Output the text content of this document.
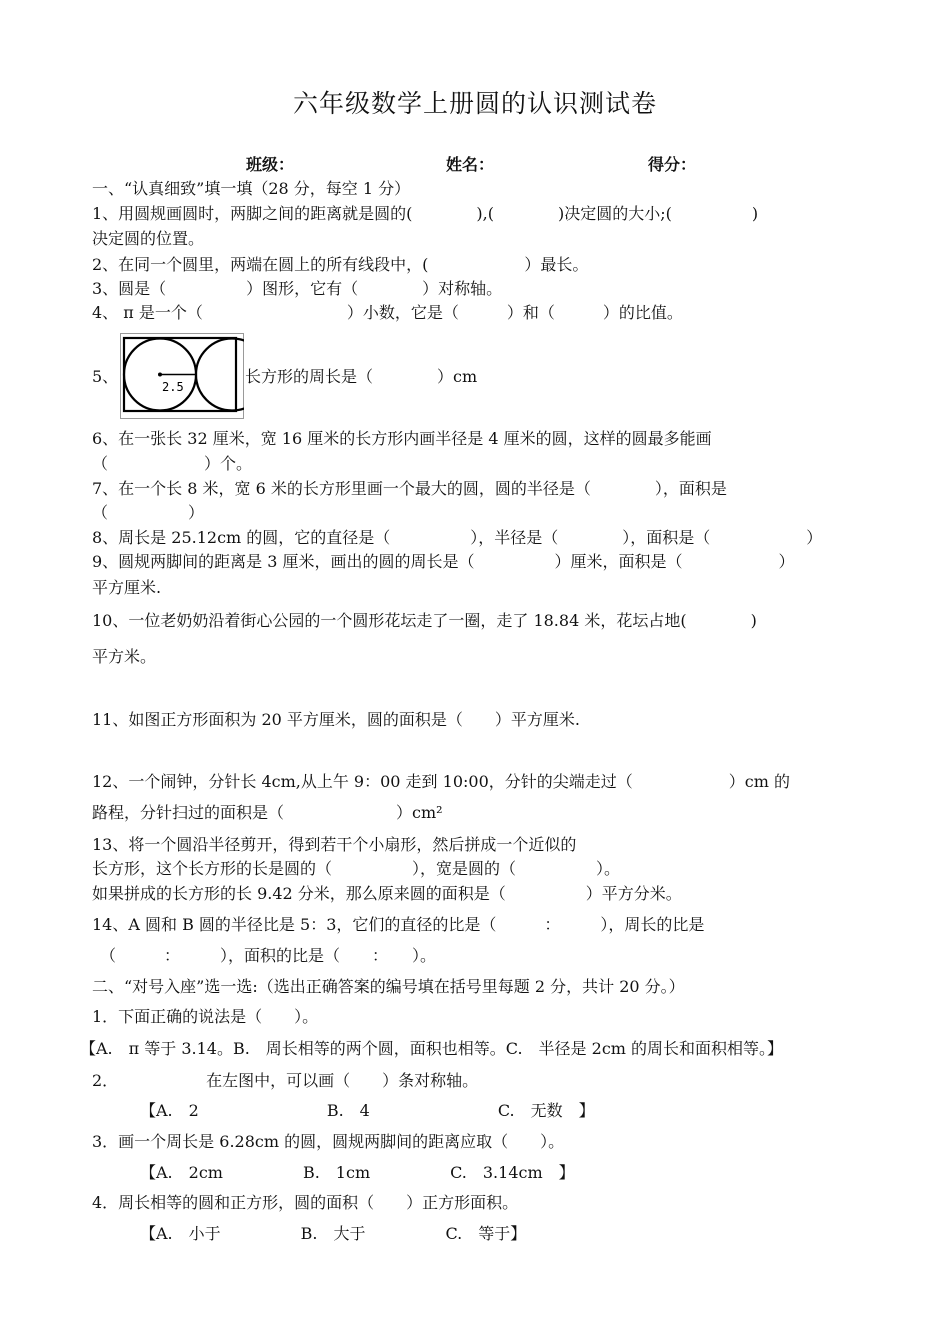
六年级数学上册圆的认识测试卷
班级：	姓名：	得分：
一、“认真细致”填一填（28 分，每空 1 分）
1、用圆规画圆时，两脚之间的距离就是圆的(　　　　),(　　　　)决定圆的大小;(　　　　　)
决定圆的位置。
2、在同一个圆里，两端在圆上的所有线段中，(　　　　　　）最长。
3、圆是（　　　　　）图形，它有（　　　　）对称轴。
4、 π 是一个（　　　　　　　　　）小数，它是（　　　）和（　　　）的比值。
5、
2.5
长方形的周长是（　　　　）cm
6、在一张长 32 厘米，宽 16 厘米的长方形内画半径是 4 厘米的圆，这样的圆最多能画
（　　　　　　）个。
7、在一个长 8 米，宽 6 米的长方形里画一个最大的圆，圆的半径是（　　　　），面积是
（　　　　　）
8、周长是 25.12cm 的圆，它的直径是（　　　　　），半径是（　　　　），面积是（　　　　　　）
9、圆规两脚间的距离是 3 厘米，画出的圆的周长是（　　　　　）厘米，面积是（　　　　　　）
平方厘米.
10、一位老奶奶沿着街心公园的一个圆形花坛走了一圈，走了 18.84 米，花坛占地(　　　　)
平方米。
11、如图正方形面积为 20 平方厘米，圆的面积是（　　）平方厘米.
12、一个闹钟，分针长 4cm,从上午 9：00 走到 10:00，分针的尖端走过（　　　　　　）cm 的
路程，分针扫过的面积是（　　　　　　　）cm²
13、将一个圆沿半径剪开，得到若干个小扇形，然后拼成一个近似的
长方形，这个长方形的长是圆的（　　　　　），宽是圆的（　　　　　）。
如果拼成的长方形的长 9.42 分米，那么原来圆的面积是（　　　　　）平方分米。
14、A 圆和 B 圆的半径比是 5：3，它们的直径的比是（　　　：　　　），周长的比是
　（　　　：　　　），面积的比是（　　：　　）。
二、“对号入座”选一选:（选出正确答案的编号填在括号里每题 2 分，共计 20 分。）
1．下面正确的说法是（　　）。
【A.　π 等于 3.14。B.　周长相等的两个圆，面积也相等。C.　半径是 2cm 的周长和面积相等。】
2．　　　　　　在左图中，可以画（　　）条对称轴。
【A.　2　　　　　　　　B.　4　　　　　　　　C.　无数　】
3．画一个周长是 6.28cm 的圆，圆规两脚间的距离应取（　　）。
【A.　2cm　　　　　B.　1cm　　　　　C.　3.14cm　】
4．周长相等的圆和正方形，圆的面积（　　）正方形面积。
【A.　小于　　　　　B.　大于　　　　　C.　等于】
